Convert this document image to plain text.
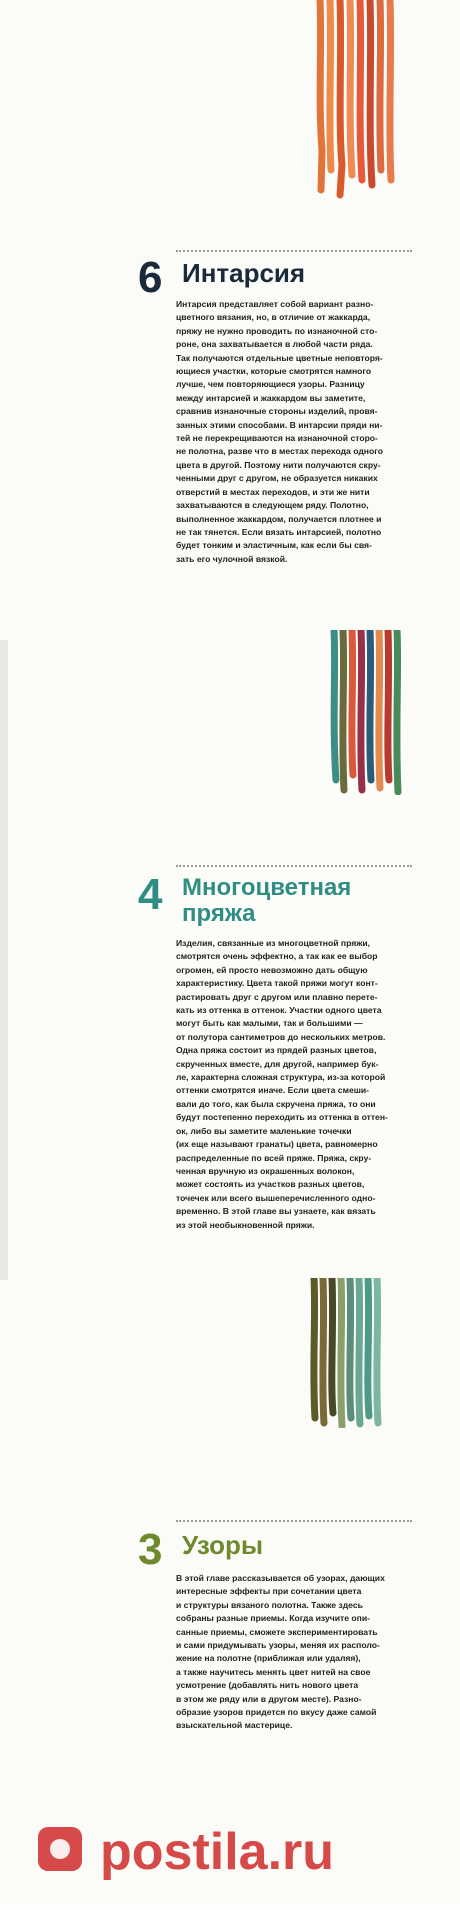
6 Интарсия
Интарсия представляет собой вариант разно-
цветного вязания, но, в отличие от жаккарда,
пряжу не нужно проводить по изнаночной сто-
роне, она захватывается в любой части ряда.
Так получаются отдельные цветные неповторя-
ющиеся участки, которые смотрятся намного
лучше, чем повторяющиеся узоры. Разницу
между интарсией и жаккардом вы заметите,
сравнив изнаночные стороны изделий, провя-
занных этими способами. В интарсии пряди ни-
тей не перекрещиваются на изнаночной сторо-
не полотна, разве что в местах перехода одного
цвета в другой. Поэтому нити получаются скру-
ченными друг с другом, не образуется никаких
отверстий в местах переходов, и эти же нити
захватываются в следующем ряду. Полотно,
выполненное жаккардом, получается плотнее и
не так тянется. Если вязать интарсией, полотно
будет тонким и эластичным, как если бы свя-
зать его чулочной вязкой.
4 Многоцветная
пряжа
Изделия, связанные из многоцветной пряжи,
смотрятся очень эффектно, а так как ее выбор
огромен, ей просто невозможно дать общую
характеристику. Цвета такой пряжи могут конт-
растировать друг с другом или плавно перете-
кать из оттенка в оттенок. Участки одного цвета
могут быть как малыми, так и большими —
от полутора сантиметров до нескольких метров.
Одна пряжа состоит из прядей разных цветов,
скрученных вместе, для другой, например бук-
ле, характерна сложная структура, из-за которой
оттенки смотрятся иначе. Если цвета смеши-
вали до того, как была скручена пряжа, то они
будут постепенно переходить из оттенка в оттен-
ок, либо вы заметите маленькие точечки
(их еще называют гранаты) цвета, равномерно
распределенные по всей пряже. Пряжа, скру-
ченная вручную из окрашенных волокон,
может состоять из участков разных цветов,
точечек или всего вышеперечисленного одно-
временно. В этой главе вы узнаете, как вязать
из этой необыкновенной пряжи.
3 Узоры
В этой главе рассказывается об узорах, дающих
интересные эффекты при сочетании цвета
и структуры вязаного полотна. Также здесь
собраны разные приемы. Когда изучите опи-
санные приемы, сможете экспериментировать
и сами придумывать узоры, меняя их располо-
жение на полотне (приближая или удаляя),
а также научитесь менять цвет нитей на свое
усмотрение (добавлять нить нового цвета
в этом же ряду или в другом месте). Разно-
образие узоров придется по вкусу даже самой
взыскательной мастерице.
postila.ru
